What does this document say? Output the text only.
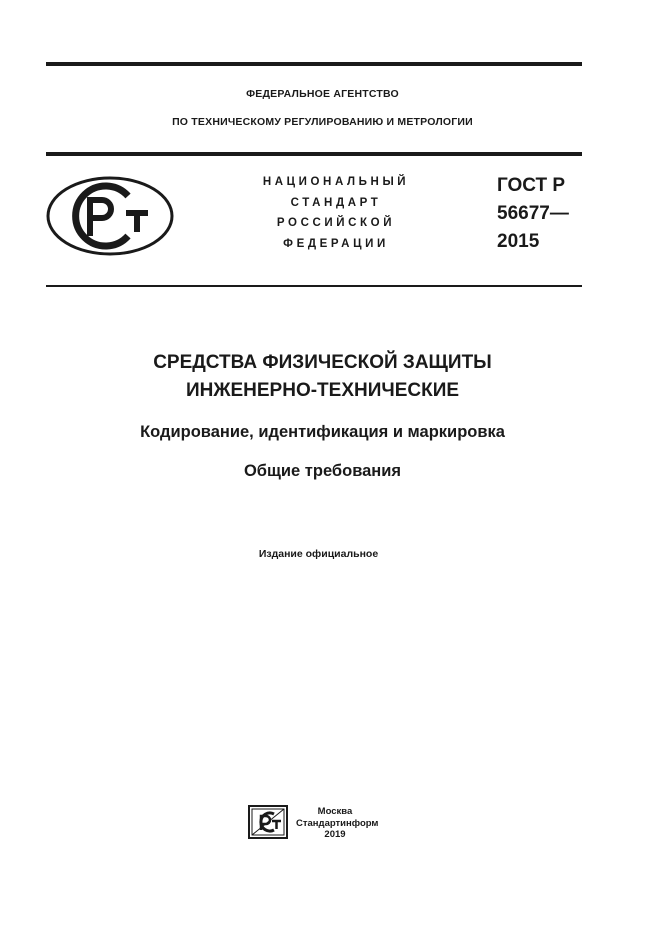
ФЕДЕРАЛЬНОЕ АГЕНТСТВО
ПО ТЕХНИЧЕСКОМУ РЕГУЛИРОВАНИЮ И МЕТРОЛОГИИ
НАЦИОНАЛЬНЫЙ
СТАНДАРТ
РОССИЙСКОЙ
ФЕДЕРАЦИИ
ГОСТ Р
56677—
2015
СРЕДСТВА ФИЗИЧЕСКОЙ ЗАЩИТЫ
ИНЖЕНЕРНО-ТЕХНИЧЕСКИЕ
Кодирование, идентификация и маркировка
Общие требования
Издание официальное
Москва
Стандартинформ
2019
